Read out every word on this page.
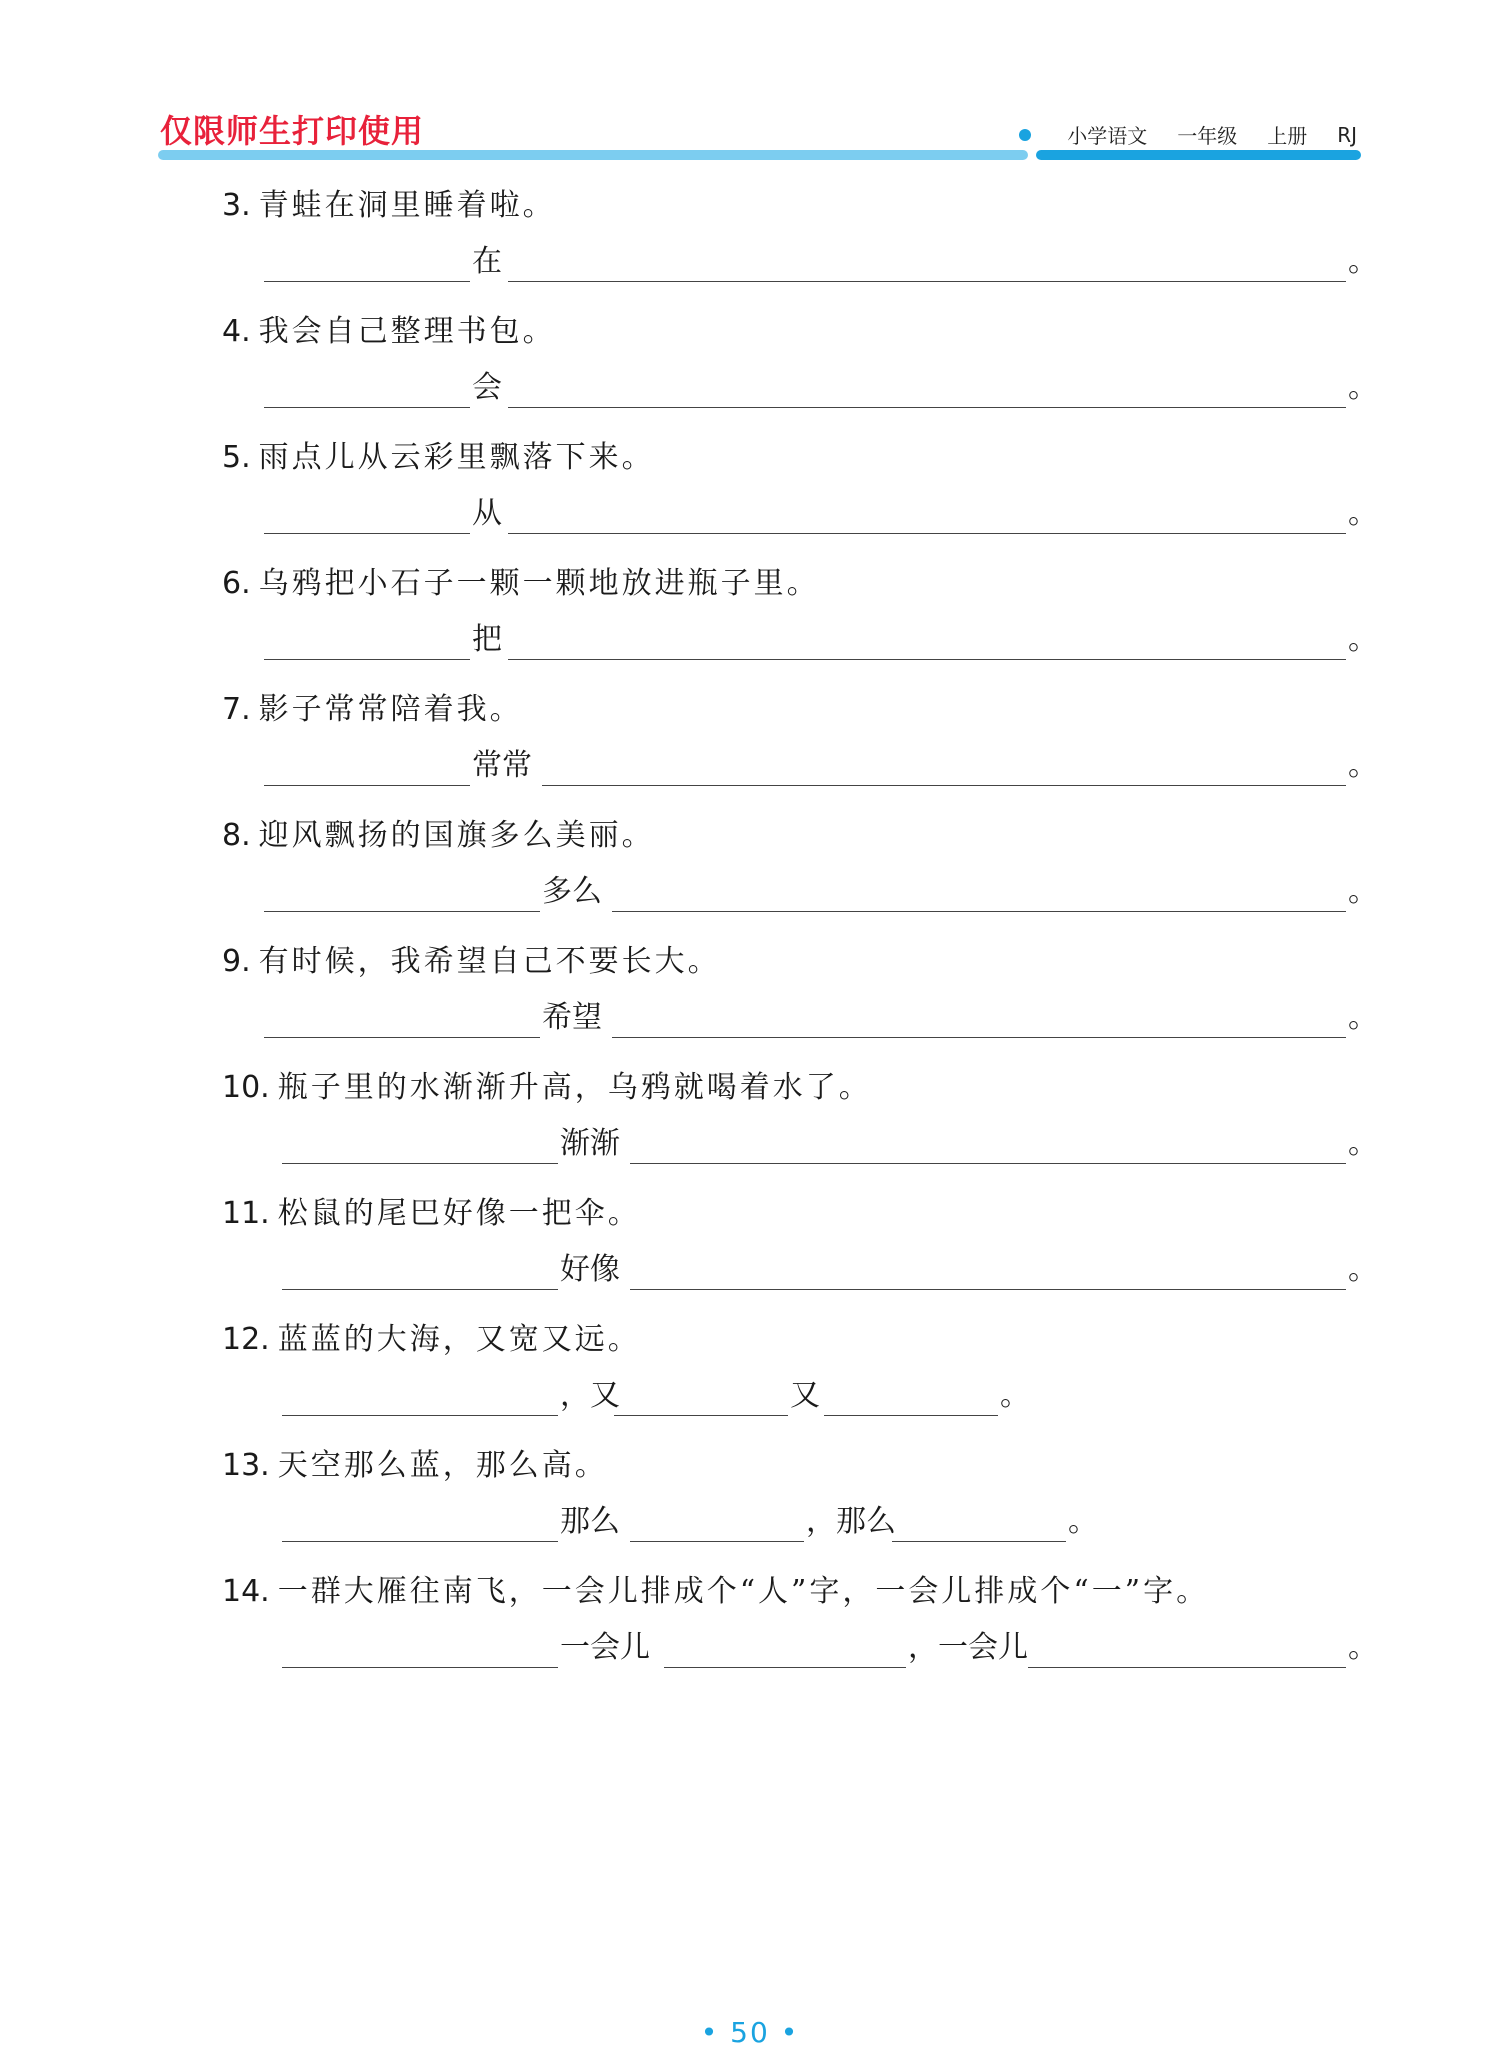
仅限师生打印使用	小学语文 一年级 上册 RJ
3. 青蛙在洞里睡着啦。
在	。
4. 我会自己整理书包。
会	。
5. 雨点儿从云彩里飘落下来。
从	。
6. 乌鸦把小石子一颗一颗地放进瓶子里。
把	。
7. 影子常常陪着我。
常常	。
8. 迎风飘扬的国旗多么美丽。
多么	。
9. 有时候，我希望自己不要长大。
希望	。
10. 瓶子里的水渐渐升高，乌鸦就喝着水了。
渐渐	。
11. 松鼠的尾巴好像一把伞。
好像	。
12. 蓝蓝的大海，又宽又远。
，又	又	。
13. 天空那么蓝，那么高。
那么	，那么	。
14. 一群大雁往南飞，一会儿排成个“人”字，一会儿排成个“一”字。
一会儿	，一会儿	。
• 50 •
